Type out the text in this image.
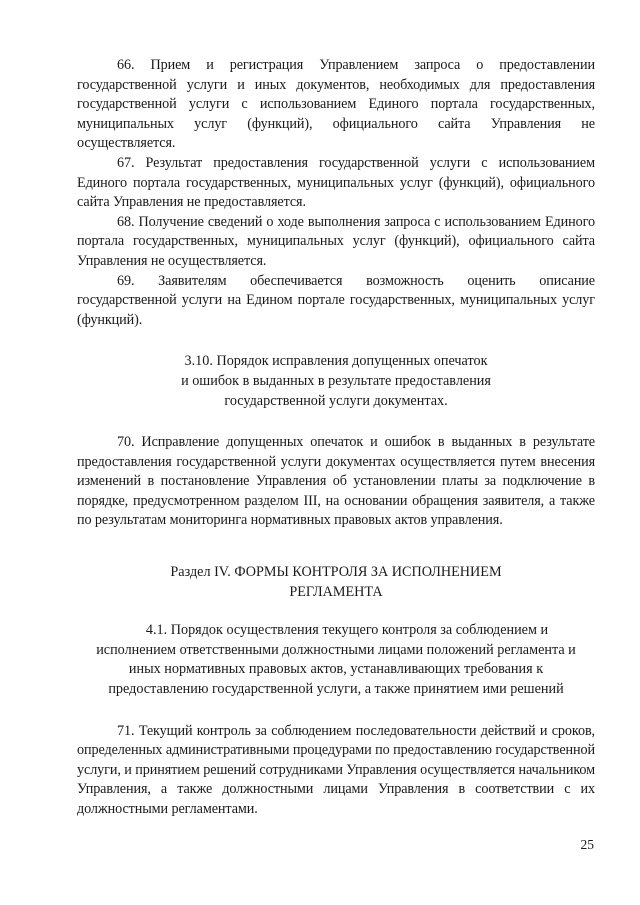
66. Прием и регистрация Управлением запроса о предоставлении государственной услуги и иных документов, необходимых для предоставления государственной услуги с использованием Единого портала государственных, муниципальных услуг (функций), официального сайта Управления не осуществляется.

67. Результат предоставления государственной услуги с использованием Единого портала государственных, муниципальных услуг (функций), официального сайта Управления не предоставляется.

68. Получение сведений о ходе выполнения запроса с использованием Единого портала государственных, муниципальных услуг (функций), официального сайта Управления не осуществляется.

69. Заявителям обеспечивается возможность оценить описание государственной услуги на Едином портале государственных, муниципальных услуг (функций).

3.10. Порядок исправления допущенных опечаток
и ошибок в выданных в результате предоставления
государственной услуги документах.

70. Исправление допущенных опечаток и ошибок в выданных в результате предоставления государственной услуги документах осуществляется путем внесения изменений в постановление Управления об установлении платы за подключение в порядке, предусмотренном разделом III, на основании обращения заявителя, а также по результатам мониторинга нормативных правовых актов управления.

Раздел IV. ФОРМЫ КОНТРОЛЯ ЗА ИСПОЛНЕНИЕМ
РЕГЛАМЕНТА

4.1. Порядок осуществления текущего контроля за соблюдением и
исполнением ответственными должностными лицами положений регламента и
иных нормативных правовых актов, устанавливающих требования к
предоставлению государственной услуги, а также принятием ими решений

71. Текущий контроль за соблюдением последовательности действий и сроков, определенных административными процедурами по предоставлению государственной услуги, и принятием решений сотрудниками Управления осуществляется начальником Управления, а также должностными лицами Управления в соответствии с их должностными регламентами.

25
